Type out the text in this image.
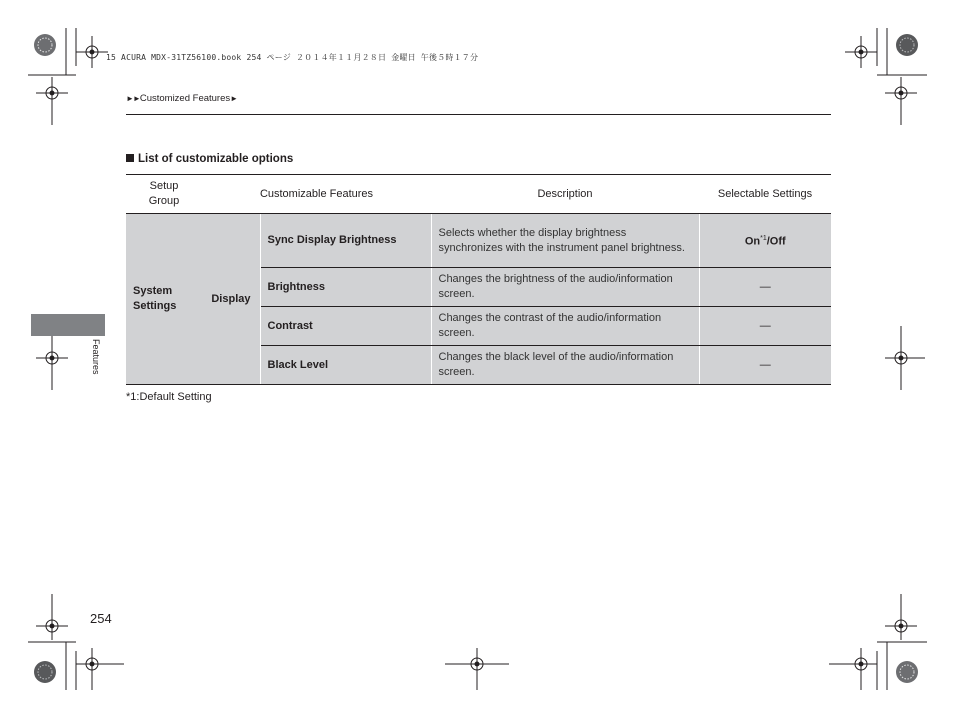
15 ACURA MDX-31TZ56100.book 254 ページ ２０１４年１１月２８日 金曜日 午後５時１７分
►►Customized Features►
List of customizable options
Setup Group	Customizable Features		Description	Selectable Settings
System Settings	Display	Sync Display Brightness	Selects whether the display brightness synchronizes with the instrument panel brightness.	On$^{*1}$/Off
		Brightness	Changes the brightness of the audio/information screen.	—
		Contrast	Changes the contrast of the audio/information screen.	—
		Black Level	Changes the black level of the audio/information screen.	—
*1:Default Setting
Features
254
